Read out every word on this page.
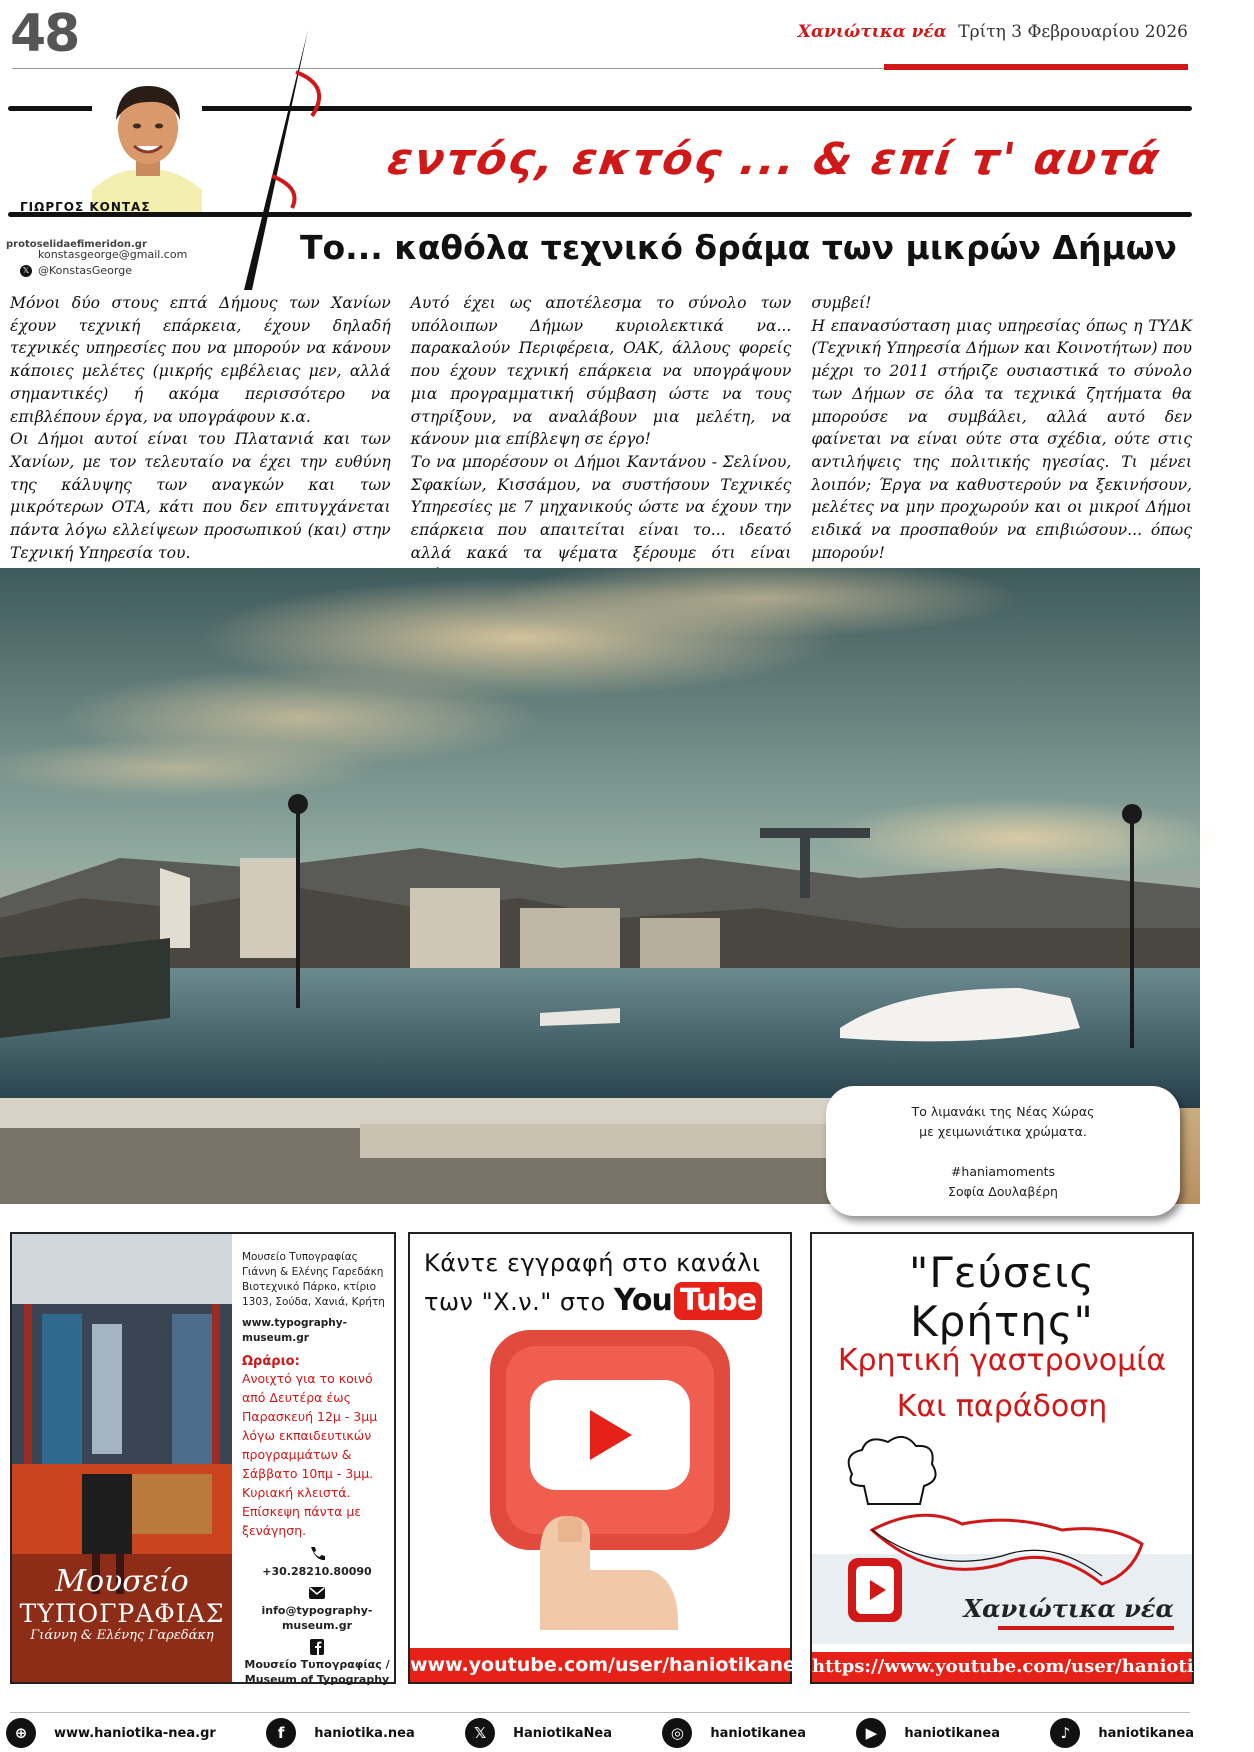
48	Χανιώτικα νέα Τρίτη 3 Φεβρουαρίου 2026
εντός, εκτός ... & επί τ' αυτά
ΓΙΩΡΓΟΣ ΚΟΝΤΑΣ
protoselidaefimeridon.gr
konstasgeorge@gmail.com
𝕏 @KonstasGeorge
Το... καθόλα τεχνικό δράμα των μικρών Δήμων

Μόνοι δύο στους επτά Δήμους των Χανίων έχουν τεχνική επάρκεια, έχουν δηλαδή τεχνικές υπηρεσίες που να μπορούν να κάνουν κάποιες μελέτες (μικρής εμβέλειας μεν, αλλά σημαντικές) ή ακόμα περισσότερο να επιβλέπουν έργα, να υπογράφουν κ.α.

Οι Δήμοι αυτοί είναι του Πλατανιά και των Χανίων, με τον τελευταίο να έχει την ευθύνη της κάλυψης των αναγκών και των μικρότερων ΟΤΑ, κάτι που δεν επιτυγχάνεται πάντα λόγω ελλείψεων προσωπικού (και) στην Τεχνική Υπηρεσία του.

Αυτό έχει ως αποτέλεσμα το σύνολο των υπόλοιπων Δήμων κυριολεκτικά να... παρακαλούν Περιφέρεια, ΟΑΚ, άλλους φορείς που έχουν τεχνική επάρκεια να υπογράψουν μια προγραμματική σύμβαση ώστε να τους στηρίξουν, να αναλάβουν μια μελέτη, να κάνουν μια επίβλεψη σε έργο!

Το να μπορέσουν οι Δήμοι Καντάνου - Σελίνου, Σφακίων, Κισσάμου, να συστήσουν Τεχνικές Υπηρεσίες με 7 μηχανικούς ώστε να έχουν την επάρκεια που απαιτείται είναι το... ιδεατό αλλά κακά τα ψέματα ξέρουμε ότι είναι

συμβεί!

Η επανασύσταση μιας υπηρεσίας όπως η ΤΥΔΚ (Τεχνική Υπηρεσία Δήμων και Κοινοτήτων) που μέχρι το 2011 στήριζε ουσιαστικά το σύνολο των Δήμων σε όλα τα τεχνικά ζητήματα θα μπορούσε να συμβάλει, αλλά αυτό δεν φαίνεται να είναι ούτε στα σχέδια, ούτε στις αντιλήψεις της πολιτικής ηγεσίας. Τι μένει λοιπόν; Έργα να καθυστερούν να ξεκινήσουν, μελέτες να μην προχωρούν και οι μικροί Δήμοι ειδικά να προσπαθούν να επιβιώσουν... όπως μπορούν!

Το λιμανάκι της Νέας Χώρας
με χειμωνιάτικα χρώματα.
#haniamoments
Σοφία Δουλαβέρη
Μουσείο
ΤΥΠΟΓΡΑΦΙΑΣ
Γιάννη & Ελένης Γαρεδάκη
Μουσείο Τυπογραφίας
Γιάννη & Ελένης Γαρεδάκη
Βιοτεχνικό Πάρκο, κτίριο 1303, Σούδα, Χανιά, Κρήτη
www.typography-museum.gr
Ωράριο:
Ανοιχτό για το κοινό από Δευτέρα έως Παρασκευή 12μ - 3μμ λόγω εκπαιδευτικών προγραμμάτων & Σάββατο 10πμ - 3μμ. Κυριακή κλειστά. Επίσκεψη πάντα με ξενάγηση.
+30.28210.80090
info@typography-museum.gr
Μουσείο Τυπογραφίας /
Museum of Typography
Κάντε εγγραφή στο κανάλι
των "Χ.ν." στο You Tube
www.youtube.com/user/haniotikanea
"Γεύσεις Κρήτης"
Κρητική γαστρονομία
Και παράδοση
Χανιώτικα νέα
https://www.youtube.com/user/haniotikanea
⊕	www.haniotika-nea.gr	f	haniotika.nea	𝕏	HaniotikaNea	◎	haniotikanea	▶	haniotikanea	♪	haniotikanea
